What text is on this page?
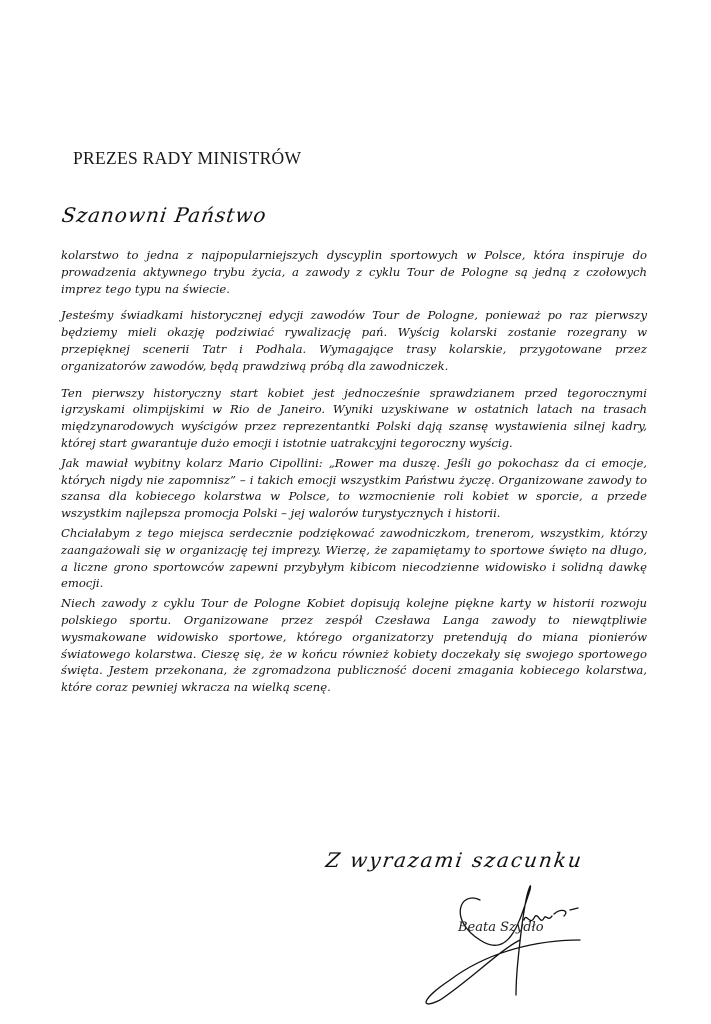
PREZES RADY MINISTRÓW
Szanowni Państwo

kolarstwo to jedna z najpopularniejszych dyscyplin sportowych w Polsce, która inspiruje do prowadzenia aktywnego trybu życia, a zawody z cyklu Tour de Pologne są jedną z czołowych imprez tego typu na świecie.

Jesteśmy świadkami historycznej edycji zawodów Tour de Pologne, ponieważ po raz pierwszy będziemy mieli okazję podziwiać rywalizację pań. Wyścig kolarski zostanie rozegrany w przepięknej scenerii Tatr i Podhala. Wymagające trasy kolarskie, przygotowane przez organizatorów zawodów, będą prawdziwą próbą dla zawodniczek.

Ten pierwszy historyczny start kobiet jest jednocześnie sprawdzianem przed tegorocznymi igrzyskami olimpijskimi w Rio de Janeiro. Wyniki uzyskiwane w ostatnich latach na trasach międzynarodowych wyścigów przez reprezentantki Polski dają szansę wystawienia silnej kadry, której start gwarantuje dużo emocji i istotnie uatrakcyjni tegoroczny wyścig.

Jak mawiał wybitny kolarz Mario Cipollini: „Rower ma duszę. Jeśli go pokochasz da ci emocje, których nigdy nie zapomnisz” – i takich emocji wszystkim Państwu życzę. Organizowane zawody to szansa dla kobiecego kolarstwa w Polsce, to wzmocnienie roli kobiet w sporcie, a przede wszystkim najlepsza promocja Polski – jej walorów turystycznych i historii.

Chciałabym z tego miejsca serdecznie podziękować zawodniczkom, trenerom, wszystkim, którzy zaangażowali się w organizację tej imprezy. Wierzę, że zapamiętamy to sportowe święto na długo, a liczne grono sportowców zapewni przybyłym kibicom niecodzienne widowisko i solidną dawkę emocji.

Niech zawody z cyklu Tour de Pologne Kobiet dopisują kolejne piękne karty w historii rozwoju polskiego sportu. Organizowane przez zespół Czesława Langa zawody to niewątpliwie wysmakowane widowisko sportowe, którego organizatorzy pretendują do miana pionierów światowego kolarstwa. Cieszę się, że w końcu również kobiety doczekały się swojego sportowego święta. Jestem przekonana, że zgromadzona publiczność doceni zmagania kobiecego kolarstwa, które coraz pewniej wkracza na wielką scenę.

Z wyrazami szacunku
Beata Szydło
